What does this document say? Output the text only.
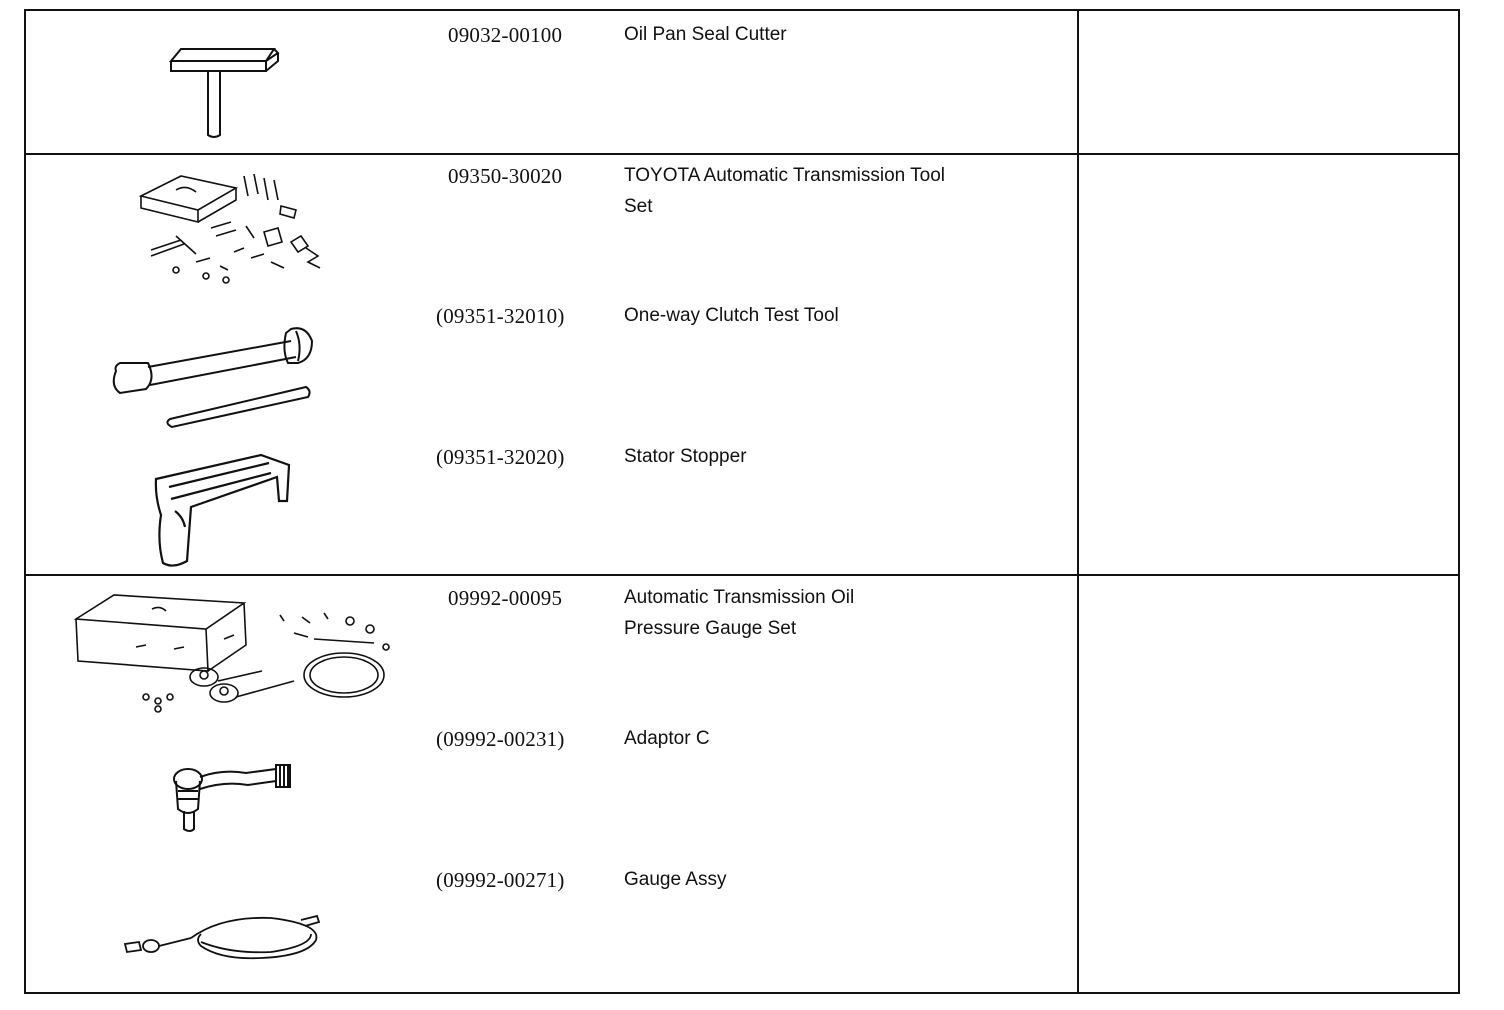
09032-00100	Oil Pan Seal Cutter
09350-30020	TOYOTA Automatic Transmission Tool Set
(09351-32010)	One-way Clutch Test Tool
(09351-32020)	Stator Stopper
09992-00095	Automatic Transmission Oil Pressure Gauge Set
(09992-00231)	Adaptor C
(09992-00271)	Gauge Assy
